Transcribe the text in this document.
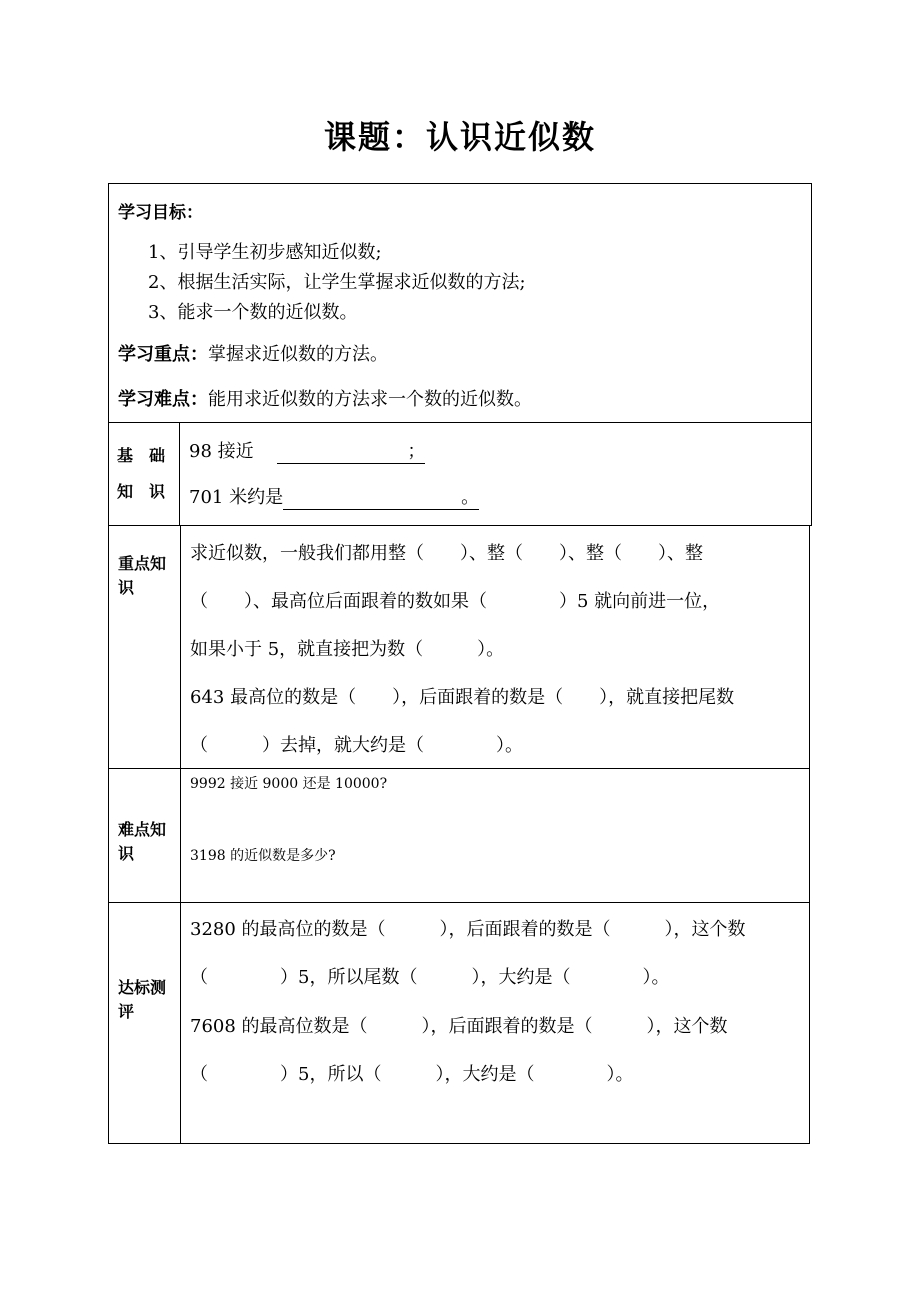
课题：认识近似数
学习目标：
1、引导学生初步感知近似数;
2、根据生活实际，让学生掌握求近似数的方法;
3、能求一个数的近似数。
学习重点：掌握求近似数的方法。
学习难点：能用求近似数的方法求一个数的近似数。
基　础
知　识
98 接近	；
701 米约是	。
重点知
识
求近似数，一般我们都用整（　　）、整（　　）、整（　　）、整
（　　）、最高位后面跟着的数如果（　　　　）5 就向前进一位，
如果小于 5，就直接把为数（　　　）。
643 最高位的数是（　　），后面跟着的数是（　　），就直接把尾数
（　　　）去掉，就大约是（　　　　）。
难点知
识
9992 接近 9000 还是 10000?
3198 的近似数是多少?
达标测
评
3280 的最高位的数是（　　　），后面跟着的数是（　　　），这个数
（　　　　）5，所以尾数（　　　），大约是（　　　　）。
7608 的最高位数是（　　　），后面跟着的数是（　　　），这个数
（　　　　）5，所以（　　　），大约是（　　　　）。
